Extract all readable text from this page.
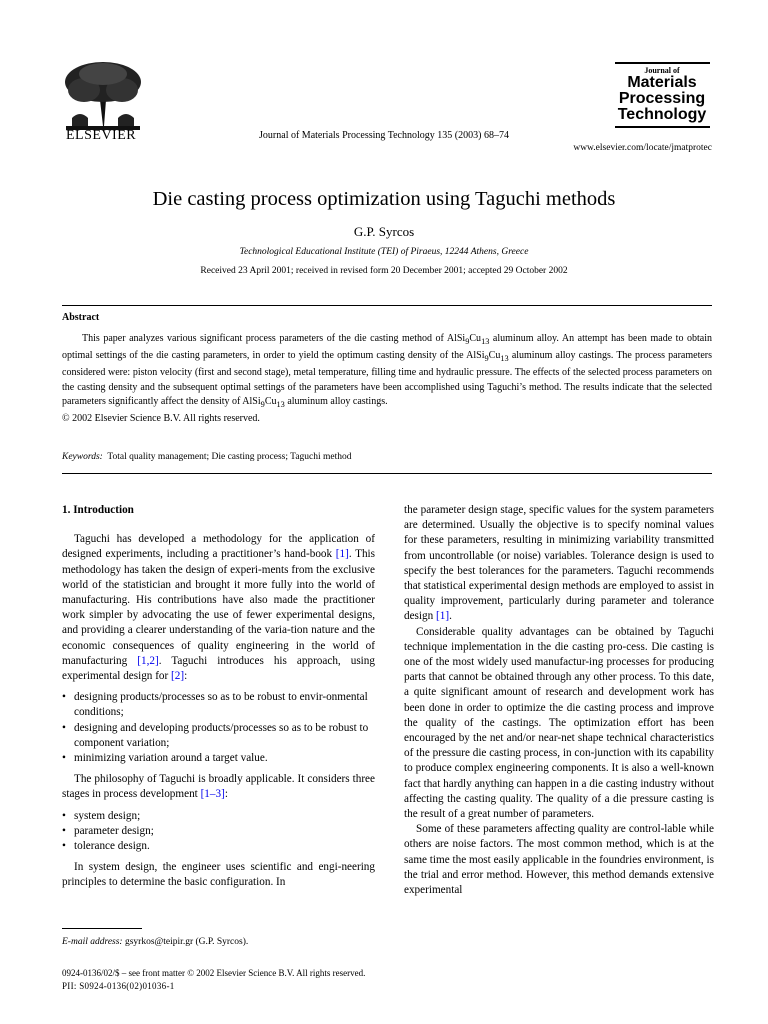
ELSEVIER	Journal of Materials Processing Technology 135 (2003) 68–74
Journal of
Materials
Processing
Technology
www.elsevier.com/locate/jmatprotec
Die casting process optimization using Taguchi methods
G.P. Syrcos
Technological Educational Institute (TEI) of Piraeus, 12244 Athens, Greece
Received 23 April 2001; received in revised form 20 December 2001; accepted 29 October 2002
Abstract

This paper analyzes various significant process parameters of the die casting method of $AlSi_9Cu_{13}$ aluminum alloy. An attempt has been made to obtain optimal settings of the die casting parameters, in order to yield the optimum casting density of the $AlSi_9Cu_{13}$ aluminum alloy castings. The process parameters considered were: piston velocity (first and second stage), metal temperature, filling time and hydraulic pressure. The effects of the selected process parameters on the casting density and the subsequent optimal settings of the parameters have been accomplished using Taguchi’s method. The results indicate that the selected parameters significantly affect the density of $AlSi_9Cu_{13}$ aluminum alloy castings.

© 2002 Elsevier Science B.V. All rights reserved.
Keywords: Total quality management; Die casting process; Taguchi method
1. Introduction

Taguchi has developed a methodology for the application of designed experiments, including a practitioner’s hand-book [1]. This methodology has taken the design of experi-ments from the exclusive world of the statistician and brought it more fully into the world of manufacturing. His contributions have also made the practitioner work simpler by advocating the use of fewer experimental designs, and providing a clearer understanding of the varia-tion nature and the economic consequences of quality engineering in the world of manufacturing [1,2]. Taguchi introduces his approach, using experimental design for [2]:

• designing products/processes so as to be robust to envir-onmental conditions;
• designing and developing products/processes so as to be robust to component variation;
• minimizing variation around a target value.

The philosophy of Taguchi is broadly applicable. It considers three stages in process development [1–3]:

• system design;
• parameter design;
• tolerance design.

In system design, the engineer uses scientific and engi-neering principles to determine the basic configuration. In

the parameter design stage, specific values for the system parameters are determined. Usually the objective is to specify nominal values for these parameters, resulting in minimizing variability transmitted from uncontrollable (or noise) variables. Tolerance design is used to specify the best tolerances for the parameters. Taguchi recommends that statistical experimental design methods are employed to assist in quality improvement, particularly during parameter and tolerance design [1].

Considerable quality advantages can be obtained by Taguchi technique implementation in the die casting pro-cess. Die casting is one of the most widely used manufactur-ing processes for producing parts that cannot be obtained through any other process. To this date, a quite significant amount of research and development work has been done in order to optimize the die casting process and improve the quality of the castings. The optimization effort has been encouraged by the net and/or near-net shape technical characteristics of the pressure die casting process, in con-junction with its capability to produce complex engineering components. It is also a well-known fact that hardly anything can happen in a die casting industry without affecting the casting quality. The quality of a die pressure casting is the result of a great number of parameters.

Some of these parameters affecting quality are control-lable while others are noise factors. The most common method, which is at the same time the most easily applicable in the foundries environment, is the trial and error method. However, this method demands extensive experimental

E-mail address: gsyrkos@teipir.gr (G.P. Syrcos).
0924-0136/02/$ – see front matter © 2002 Elsevier Science B.V. All rights reserved.
PII: S0924-0136(02)01036-1
